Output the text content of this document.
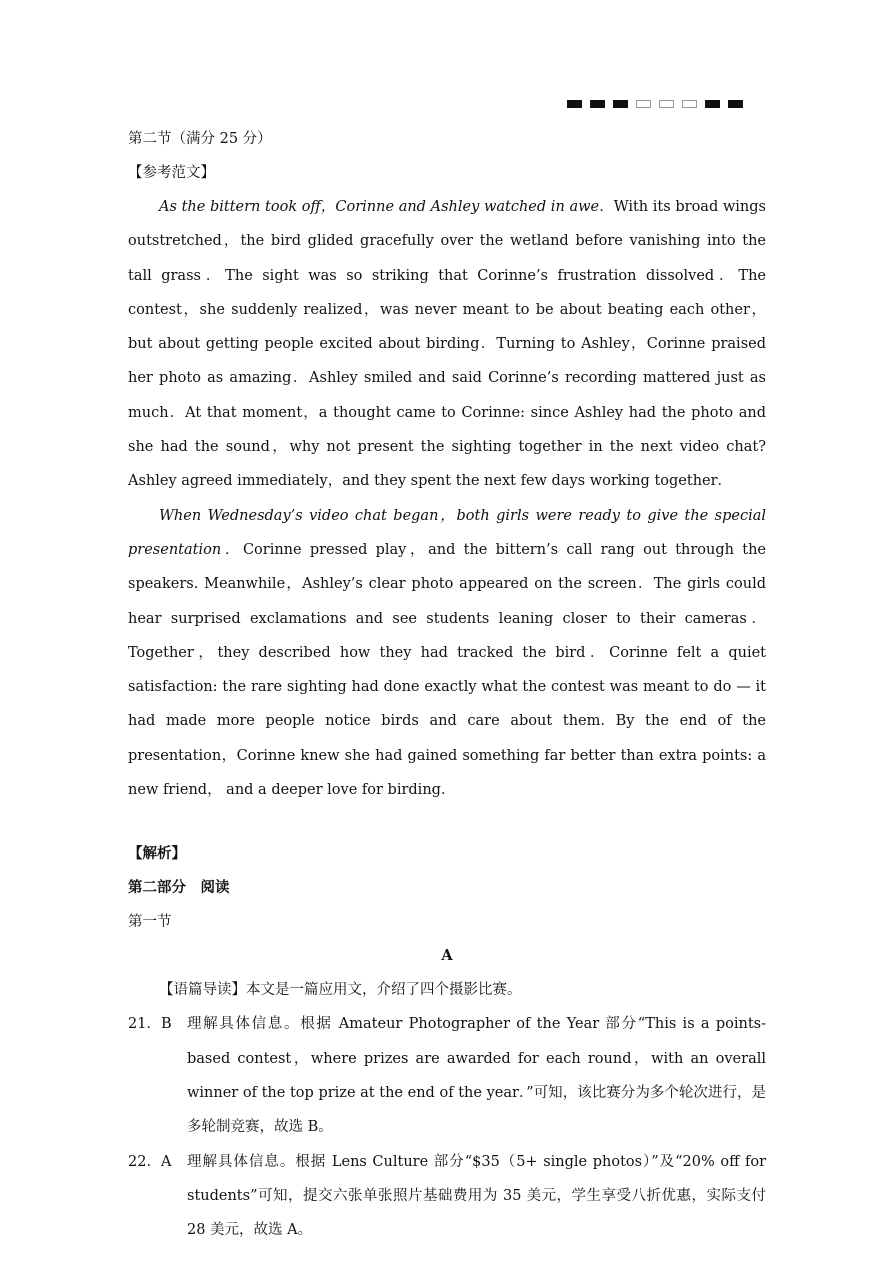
第二节（满分 25 分）
【参考范文】

As the bittern took off，Corinne and Ashley watched in awe．With its broad wings outstretched，the bird glided gracefully over the wetland before vanishing into the tall grass．The sight was so striking that Corinne’s frustration dissolved．The contest，she suddenly realized，was never meant to be about beating each other，but about getting people excited about birding．Turning to Ashley，Corinne praised her photo as amazing．Ashley smiled and said Corinne’s recording mattered just as much．At that moment，a thought came to Corinne: since Ashley had the photo and she had the sound，why not present the sighting together in the next video chat? Ashley agreed immediately，and they spent the next few days working together．

When Wednesday’s video chat began，both girls were ready to give the special presentation．Corinne pressed play，and the bittern’s call rang out through the speakers. Meanwhile，Ashley’s clear photo appeared on the screen．The girls could hear surprised exclamations and see students leaning closer to their cameras．Together，they described how they had tracked the bird．Corinne felt a quiet satisfaction: the rare sighting had done exactly what the contest was meant to do — it had made more people notice birds and care about them. By the end of the presentation，Corinne knew she had gained something far better than extra points: a new friend， and a deeper love for birding．

【解析】
第二部分　阅读
第一节
A
【语篇导读】本文是一篇应用文，介绍了四个摄影比赛。
21．B	理解具体信息。根据 Amateur Photographer of the Year 部分“This is a points-based contest，where prizes are awarded for each round，with an overall winner of the top prize at the end of the year．”可知，该比赛分为多个轮次进行，是多轮制竞赛，故选 B。
22．A	理解具体信息。根据 Lens Culture 部分“$35（5+ single photos）”及“20% off for students”可知，提交六张单张照片基础费用为 35 美元，学生享受八折优惠，实际支付 28 美元，故选 A。
